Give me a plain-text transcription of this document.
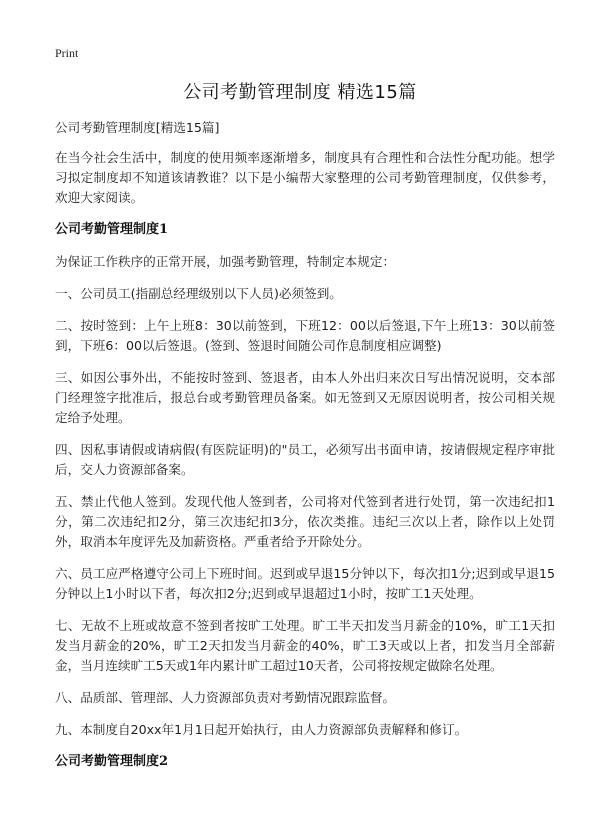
Print
公司考勤管理制度 精选15篇

公司考勤管理制度[精选15篇]

在当今社会生活中，制度的使用频率逐渐增多，制度具有合理性和合法性分配功能。想学习拟定制度却不知道该请教谁？以下是小编帮大家整理的公司考勤管理制度，仅供参考，欢迎大家阅读。

公司考勤管理制度1

为保证工作秩序的正常开展，加强考勤管理，特制定本规定：

一、公司员工(指副总经理级别以下人员)必须签到。

二、按时签到：上午上班8：30以前签到，下班12：00以后签退,下午上班13：30以前签到，下班6：00以后签退。(签到、签退时间随公司作息制度相应调整)

三、如因公事外出，不能按时签到、签退者，由本人外出归来次日写出情况说明，交本部门经理签字批准后，报总台或考勤管理员备案。如无签到又无原因说明者，按公司相关规定给予处理。

四、因私事请假或请病假(有医院证明)的"员工，必须写出书面申请，按请假规定程序审批后，交人力资源部备案。

五、禁止代他人签到。发现代他人签到者，公司将对代签到者进行处罚，第一次违纪扣1分，第二次违纪扣2分，第三次违纪扣3分，依次类推。违纪三次以上者，除作以上处罚外，取消本年度评先及加薪资格。严重者给予开除处分。

六、员工应严格遵守公司上下班时间。迟到或早退15分钟以下，每次扣1分;迟到或早退15分钟以上1小时以下者，每次扣2分;迟到或早退超过1小时，按旷工1天处理。

七、无故不上班或故意不签到者按旷工处理。旷工半天扣发当月薪金的10%，旷工1天扣发当月薪金的20%，旷工2天扣发当月薪金的40%，旷工3天或以上者，扣发当月全部薪金，当月连续旷工5天或1年内累计旷工超过10天者，公司将按规定做除名处理。

八、品质部、管理部、人力资源部负责对考勤情况跟踪监督。

九、本制度自20xx年1月1日起开始执行，由人力资源部负责解释和修订。

公司考勤管理制度2
